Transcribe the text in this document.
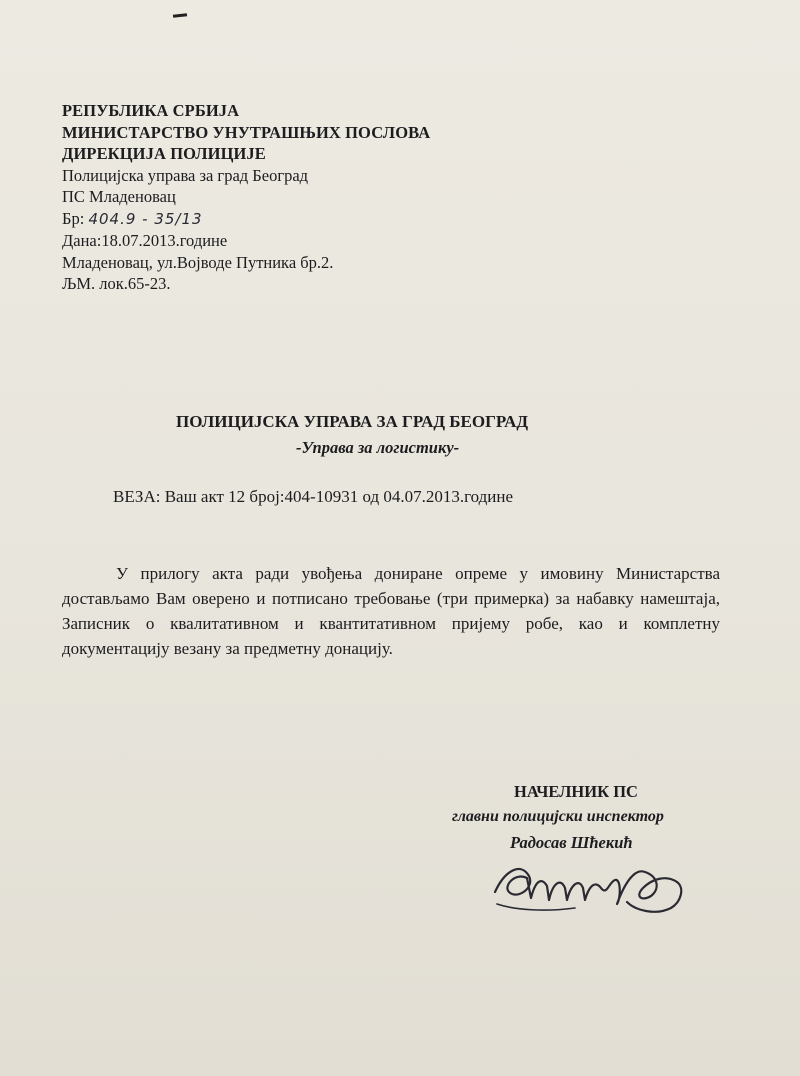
РЕПУБЛИКА СРБИЈА
МИНИСТАРСТВО УНУТРАШЊИХ ПОСЛОВА
ДИРЕКЦИЈА ПОЛИЦИЈЕ
Полицијска управа за град Београд
ПС Младеновац
Бр: 404.9 - 35/13
Дана:18.07.2013.године
Младеновац, ул.Војводе Путника бр.2.
ЉМ. лок.65-23.
ПОЛИЦИЈСКА УПРАВА ЗА ГРАД БЕОГРАД
-Управа за логистику-
ВЕЗА: Ваш акт 12 број:404-10931 од 04.07.2013.године
У прилогу акта ради увођења дониране опреме у имовину Министарства достављамо Вам оверено и потписано требовање (три примерка) за набавку намештаја, Записник о квалитативном и квантитативном пријему робе, као и комплетну документацију везану за предметну донацију.
НАЧЕЛНИК ПС
главни полицијски инспектор
Радосав Шћекић
